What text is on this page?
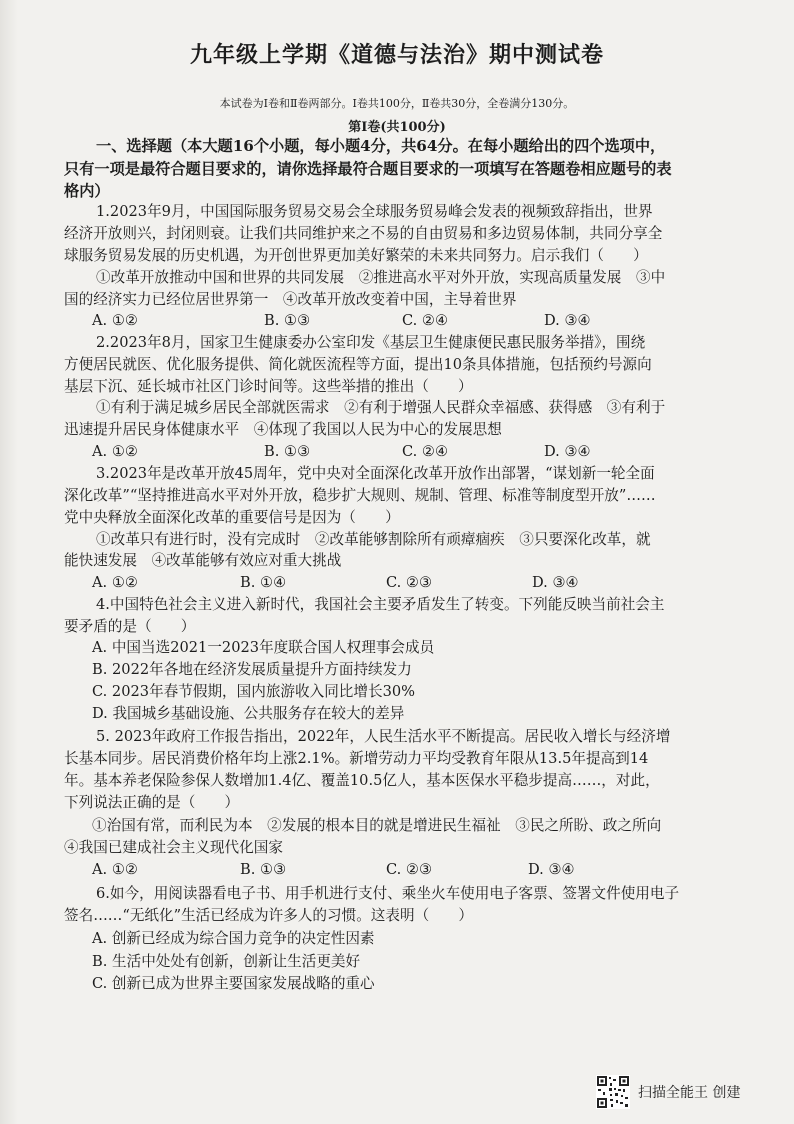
九年级上学期《道德与法治》期中测试卷
本试卷为Ⅰ卷和Ⅱ卷两部分。Ⅰ卷共100分，Ⅱ卷共30分，全卷满分130分。
第Ⅰ卷(共100分)
一、选择题（本大题16个小题，每小题4分，共64分。在每小题给出的四个选项中，
只有一项是最符合题目要求的，请你选择最符合题目要求的一项填写在答题卷相应题号的表
格内）
1.2023年9月，中国国际服务贸易交易会全球服务贸易峰会发表的视频致辞指出，世界
经济开放则兴，封闭则衰。让我们共同维护来之不易的自由贸易和多边贸易体制，共同分享全
球服务贸易发展的历史机遇，为开创世界更加美好繁荣的未来共同努力。启示我们（　　）
①改革开放推动中国和世界的共同发展　②推进高水平对外开放，实现高质量发展　③中
国的经济实力已经位居世界第一　④改革开放改变着中国，主导着世界
A. ①②	B. ①③	C. ②④	D. ③④
2.2023年8月，国家卫生健康委办公室印发《基层卫生健康便民惠民服务举措》，围绕
方便居民就医、优化服务提供、简化就医流程等方面，提出10条具体措施，包括预约号源向
基层下沉、延长城市社区门诊时间等。这些举措的推出（　　）
①有利于满足城乡居民全部就医需求　②有利于增强人民群众幸福感、获得感　③有利于
迅速提升居民身体健康水平　④体现了我国以人民为中心的发展思想
A. ①②	B. ①③	C. ②④	D. ③④
3.2023年是改革开放45周年，党中央对全面深化改革开放作出部署，“谋划新一轮全面
深化改革”“坚持推进高水平对外开放，稳步扩大规则、规制、管理、标准等制度型开放”……
党中央释放全面深化改革的重要信号是因为（　　）
①改革只有进行时，没有完成时　②改革能够割除所有顽瘴痼疾　③只要深化改革，就
能快速发展　④改革能够有效应对重大挑战
A. ①②	B. ①④	C. ②③	D. ③④
4.中国特色社会主义进入新时代，我国社会主要矛盾发生了转变。下列能反映当前社会主
要矛盾的是（　　）
A. 中国当选2021一2023年度联合国人权理事会成员
B. 2022年各地在经济发展质量提升方面持续发力
C. 2023年春节假期，国内旅游收入同比增长30%
D. 我国城乡基础设施、公共服务存在较大的差异
5. 2023年政府工作报告指出，2022年，人民生活水平不断提高。居民收入增长与经济增
长基本同步。居民消费价格年均上涨2.1%。新增劳动力平均受教育年限从13.5年提高到14
年。基本养老保险参保人数增加1.4亿、覆盖10.5亿人，基本医保水平稳步提高……，对此，
下列说法正确的是（　　）
①治国有常，而利民为本　②发展的根本目的就是增进民生福祉　③民之所盼、政之所向
④我国已建成社会主义现代化国家
A. ①②	B. ①③	C. ②③	D. ③④
6.如今，用阅读器看电子书、用手机进行支付、乘坐火车使用电子客票、签署文件使用电子
签名……“无纸化”生活已经成为许多人的习惯。这表明（　　）
A. 创新已经成为综合国力竞争的决定性因素
B. 生活中处处有创新，创新让生活更美好
C. 创新已成为世界主要国家发展战略的重心
扫描全能王 创建
